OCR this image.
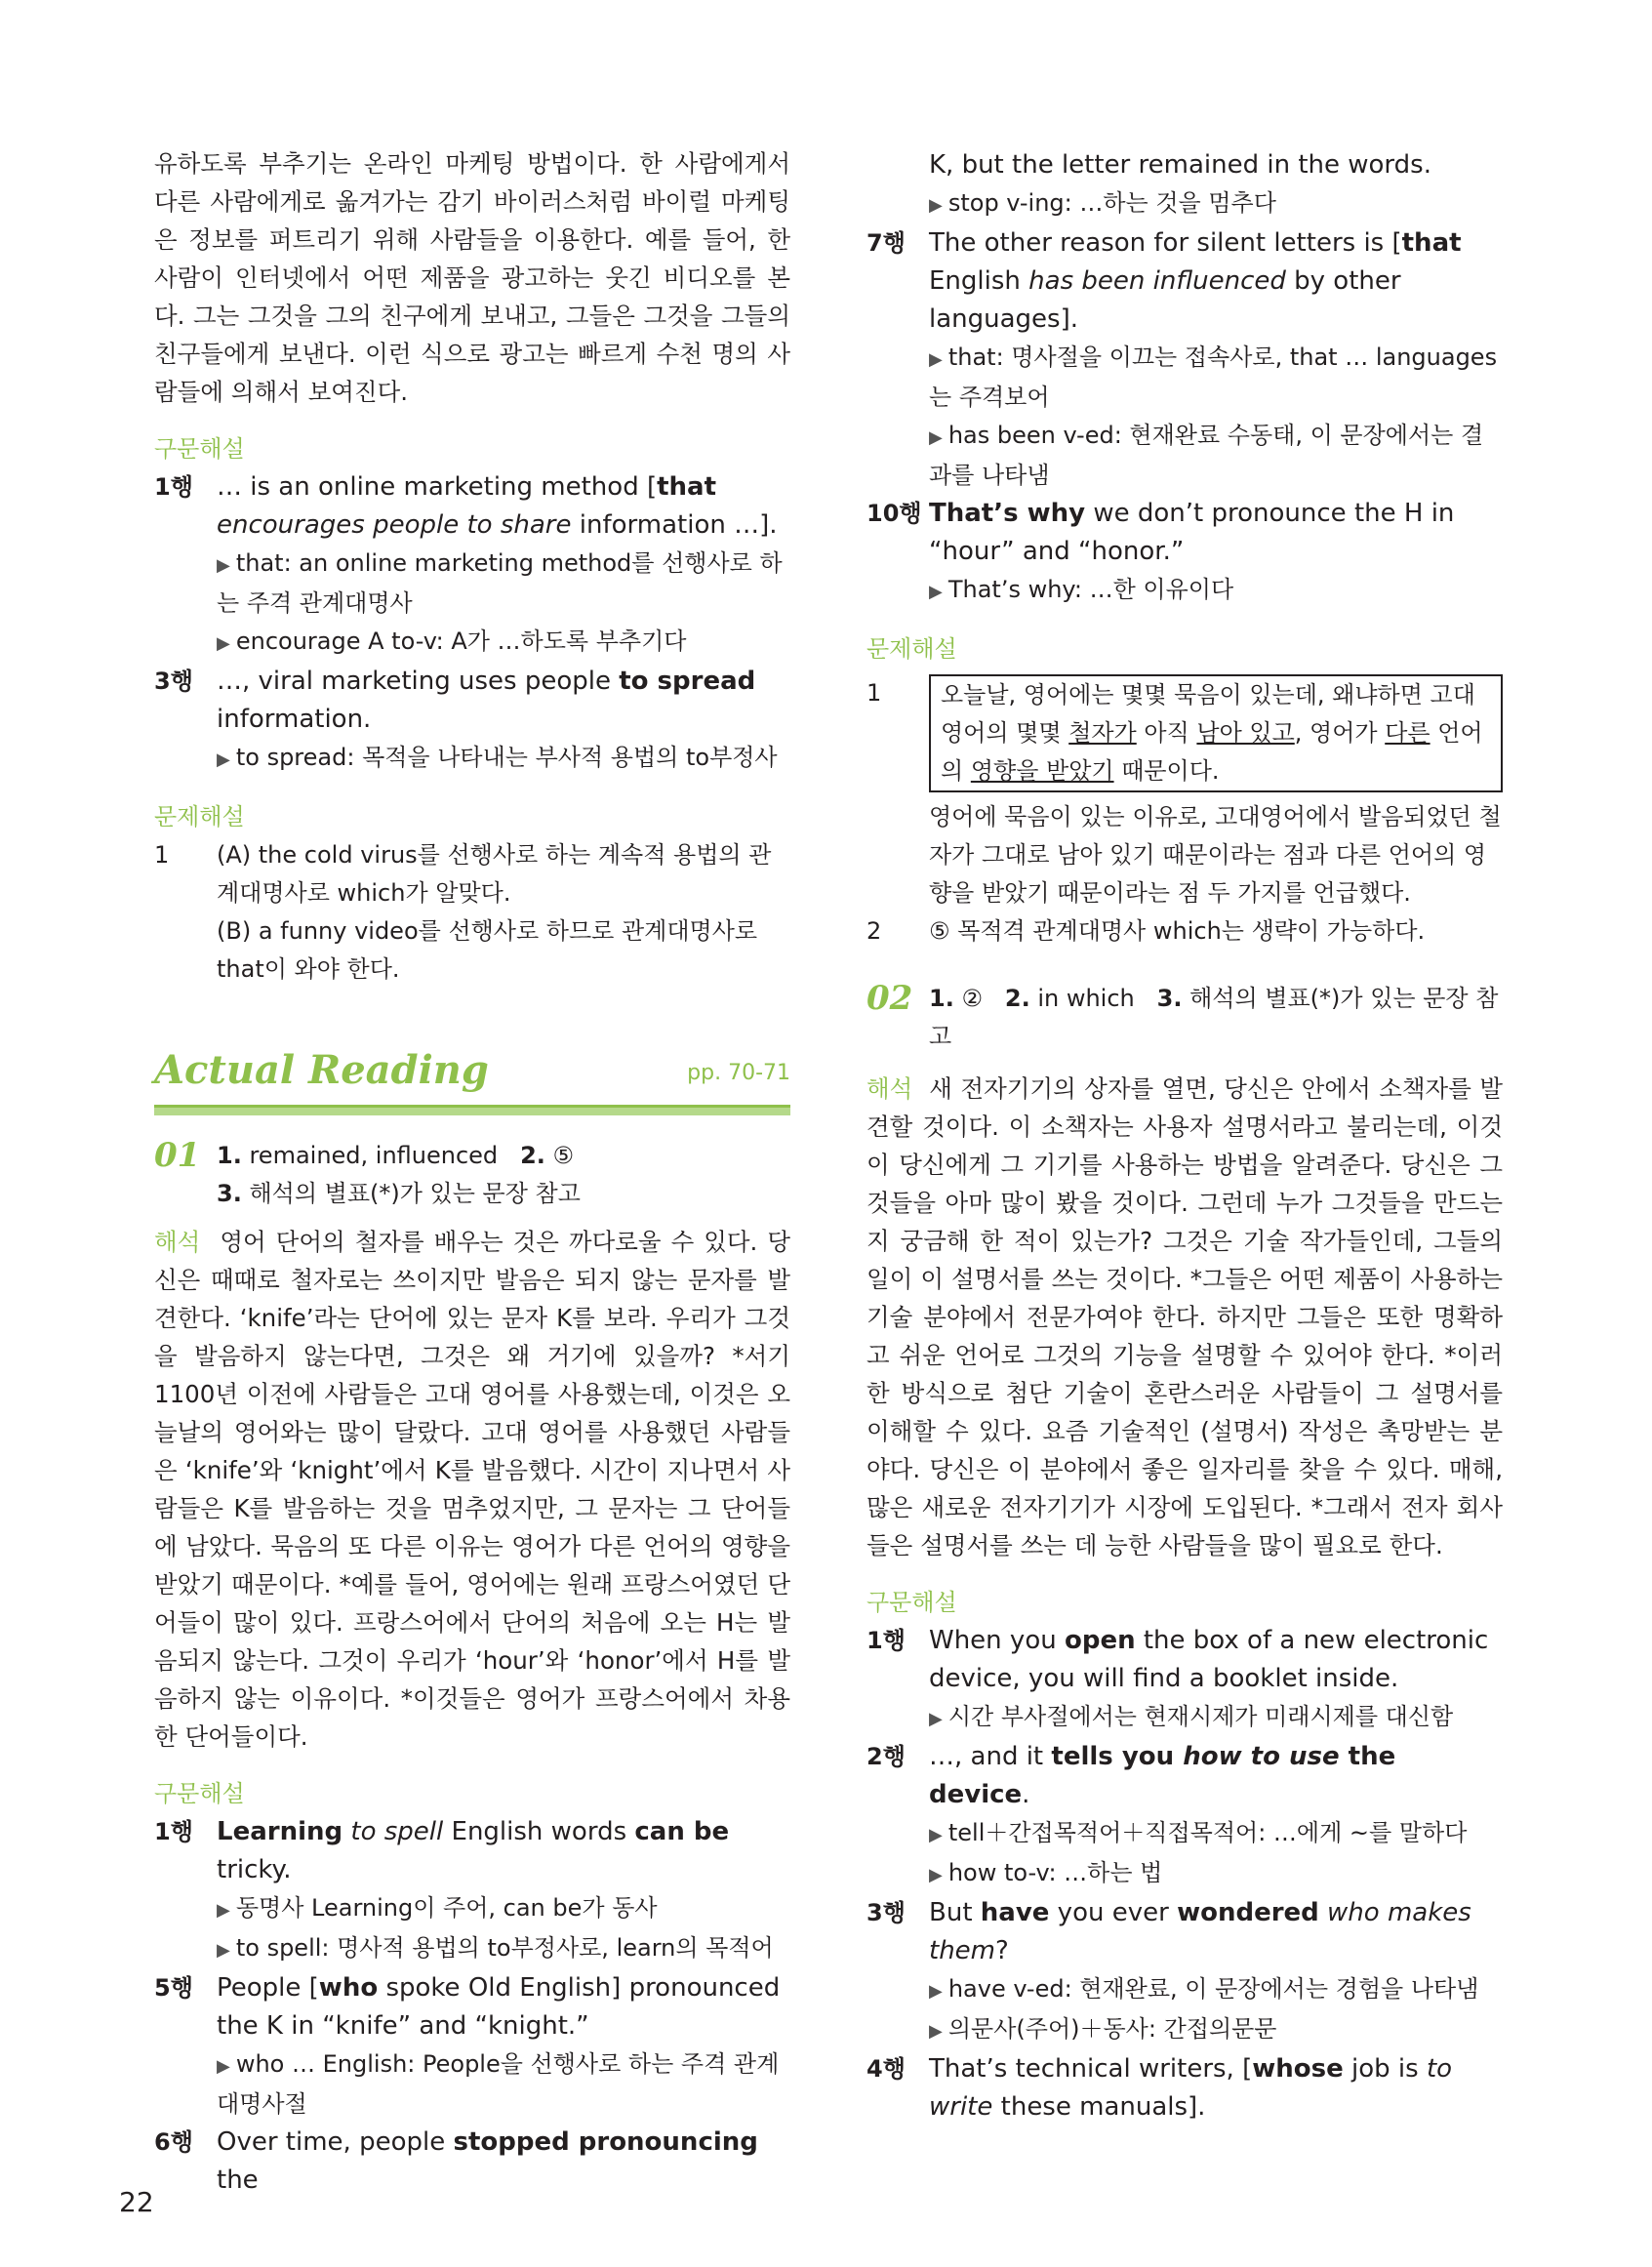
유하도록 부추기는 온라인 마케팅 방법이다. 한 사람에게서 다른 사람에게로 옮겨가는 감기 바이러스처럼 바이럴 마케팅은 정보를 퍼트리기 위해 사람들을 이용한다. 예를 들어, 한 사람이 인터넷에서 어떤 제품을 광고하는 웃긴 비디오를 본다. 그는 그것을 그의 친구에게 보내고, 그들은 그것을 그들의 친구들에게 보낸다. 이런 식으로 광고는 빠르게 수천 명의 사람들에 의해서 보여진다.

구문해설
1행 … is an online marketing method [that encourages people to share information …].
▶ that: an online marketing method를 선행사로 하는 주격 관계대명사
▶ encourage A to-v: A가 …하도록 부추기다
3행 …, viral marketing uses people to spread information.
▶ to spread: 목적을 나타내는 부사적 용법의 to부정사
문제해설
1	(A) the cold virus를 선행사로 하는 계속적 용법의 관계대명사로 which가 알맞다.
(B) a funny video를 선행사로 하므로 관계대명사로 that이 와야 한다.
Actual Reading	pp. 70-71
01 1. remained, influenced 2. ⑤
3. 해석의 별표(*)가 있는 문장 참고

해석 영어 단어의 철자를 배우는 것은 까다로울 수 있다. 당신은 때때로 철자로는 쓰이지만 발음은 되지 않는 문자를 발견한다. ‘knife’라는 단어에 있는 문자 K를 보라. 우리가 그것을 발음하지 않는다면, 그것은 왜 거기에 있을까? *서기 1100년 이전에 사람들은 고대 영어를 사용했는데, 이것은 오늘날의 영어와는 많이 달랐다. 고대 영어를 사용했던 사람들은 ‘knife’와 ‘knight’에서 K를 발음했다. 시간이 지나면서 사람들은 K를 발음하는 것을 멈추었지만, 그 문자는 그 단어들에 남았다. 묵음의 또 다른 이유는 영어가 다른 언어의 영향을 받았기 때문이다. *예를 들어, 영어에는 원래 프랑스어였던 단어들이 많이 있다. 프랑스어에서 단어의 처음에 오는 H는 발음되지 않는다. 그것이 우리가 ‘hour’와 ‘honor’에서 H를 발음하지 않는 이유이다. *이것들은 영어가 프랑스어에서 차용한 단어들이다.

구문해설
1행 Learning to spell English words can be tricky.
▶ 동명사 Learning이 주어, can be가 동사
▶ to spell: 명사적 용법의 to부정사로, learn의 목적어
5행 People [who spoke Old English] pronounced the K in “knife” and “knight.”
▶ who … English: People을 선행사로 하는 주격 관계대명사절
6행 Over time, people stopped pronouncing the
K, but the letter remained in the words.
▶ stop v-ing: …하는 것을 멈추다
7행 The other reason for silent letters is [that English has been influenced by other languages].
▶ that: 명사절을 이끄는 접속사로, that … languages는 주격보어
▶ has been v-ed: 현재완료 수동태, 이 문장에서는 결과를 나타냄
10행 That’s why we don’t pronounce the H in “hour” and “honor.”
▶ That’s why: …한 이유이다
문제해설
1	오늘날, 영어에는 몇몇 묵음이 있는데, 왜냐하면 고대영어의 몇몇 철자가 아직 남아 있고, 영어가 다른 언어의 영향을 받았기 때문이다.
영어에 묵음이 있는 이유로, 고대영어에서 발음되었던 철자가 그대로 남아 있기 때문이라는 점과 다른 언어의 영향을 받았기 때문이라는 점 두 가지를 언급했다.
2	⑤ 목적격 관계대명사 which는 생략이 가능하다.
02 1. ② 2. in which 3. 해석의 별표(*)가 있는 문장 참고

해석 새 전자기기의 상자를 열면, 당신은 안에서 소책자를 발견할 것이다. 이 소책자는 사용자 설명서라고 불리는데, 이것이 당신에게 그 기기를 사용하는 방법을 알려준다. 당신은 그것들을 아마 많이 봤을 것이다. 그런데 누가 그것들을 만드는지 궁금해 한 적이 있는가? 그것은 기술 작가들인데, 그들의 일이 이 설명서를 쓰는 것이다. *그들은 어떤 제품이 사용하는 기술 분야에서 전문가여야 한다. 하지만 그들은 또한 명확하고 쉬운 언어로 그것의 기능을 설명할 수 있어야 한다. *이러한 방식으로 첨단 기술이 혼란스러운 사람들이 그 설명서를 이해할 수 있다. 요즘 기술적인 (설명서) 작성은 촉망받는 분야다. 당신은 이 분야에서 좋은 일자리를 찾을 수 있다. 매해, 많은 새로운 전자기기가 시장에 도입된다. *그래서 전자 회사들은 설명서를 쓰는 데 능한 사람들을 많이 필요로 한다.

구문해설
1행 When you open the box of a new electronic device, you will find a booklet inside.
▶ 시간 부사절에서는 현재시제가 미래시제를 대신함
2행 …, and it tells you how to use the device.
▶ tell＋간접목적어＋직접목적어: …에게 ~를 말하다
▶ how to-v: …하는 법
3행 But have you ever wondered who makes them?
▶ have v-ed: 현재완료, 이 문장에서는 경험을 나타냄
▶ 의문사(주어)＋동사: 간접의문문
4행 That’s technical writers, [whose job is to write these manuals].
22
